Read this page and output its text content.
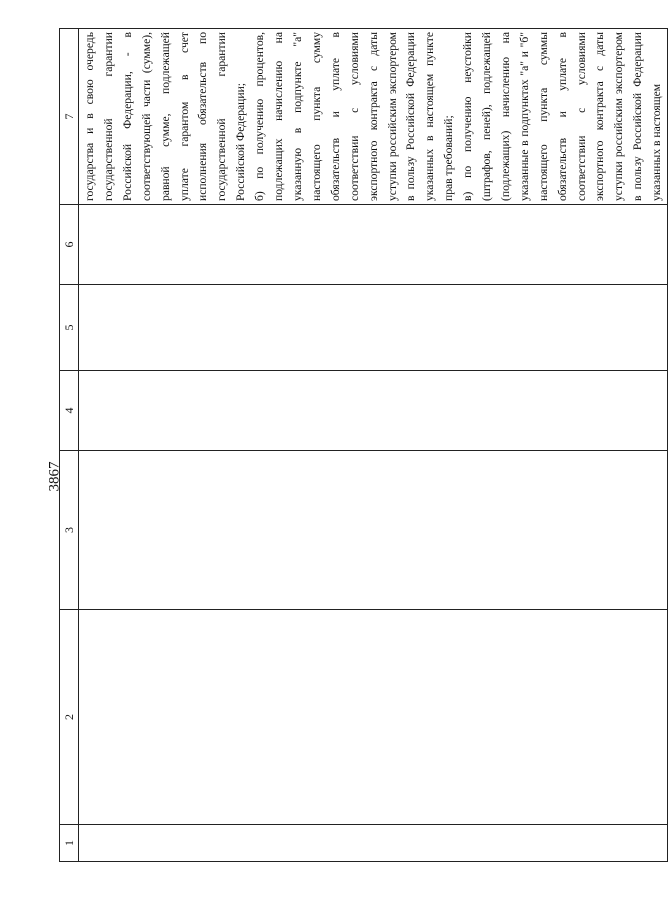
3867
1	2	3	4	5	6	7

						государства и в свою очередь государственной гарантии Российской Федерации, - в соответствующей части (сумме), равной сумме, подлежащей уплате гарантом в счет исполнения обязательств по государственной гарантии Российской Федерации; б) по получению процентов, подлежащих начислению на указанную в подпункте "а" настоящего пункта сумму обязательств и уплате в соответствии с условиями экспортного контракта с даты уступки российским экспортером в пользу Российской Федерации указанных в настоящем пункте прав требований; в) по получению неустойки (штрафов, пеней), подлежащей (подлежащих) начислению на указанные в подпунктах "а" и "б" настоящего пункта суммы обязательств и уплате в соответствии с условиями экспортного контракта с даты уступки российским экспортером в пользу Российской Федерации указанных в настоящем
